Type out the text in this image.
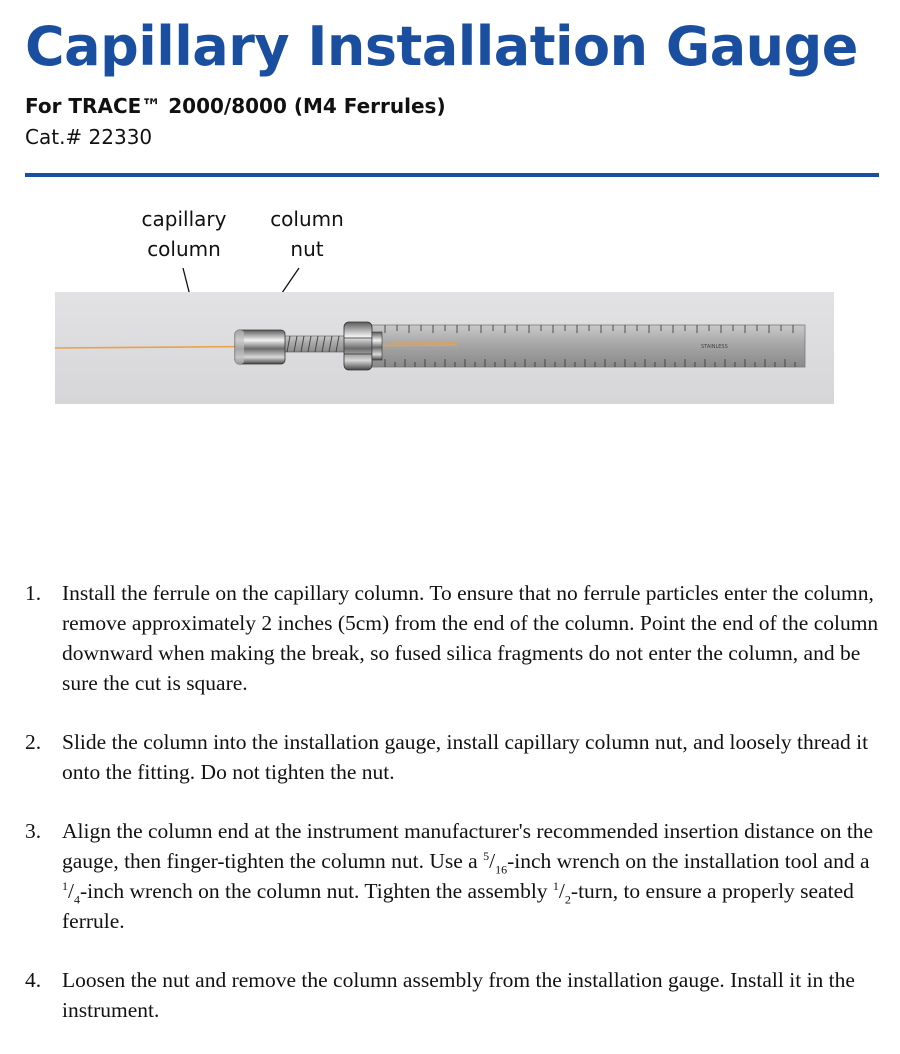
Capillary Installation Gauge
For TRACE™ 2000/8000 (M4 Ferrules)
Cat.# 22330
capillary
column
column
nut
STAINLESS
1. Install the ferrule on the capillary column. To ensure that no ferrule particles enter the column, remove approximately 2 inches (5cm) from the end of the column. Point the end of the column downward when making the break, so fused silica fragments do not enter the column, and be sure the cut is square.
2. Slide the column into the installation gauge, install capillary column nut, and loosely thread it onto the fitting. Do not tighten the nut.
3. Align the column end at the instrument manufacturer's recommended insertion distance on the gauge, then finger-tighten the column nut. Use a $^5/_{16}$-inch wrench on the installation tool and a $^1/_4$-inch wrench on the column nut. Tighten the assembly $^1/_2$-turn, to ensure a properly seated ferrule.
4. Loosen the nut and remove the column assembly from the installation gauge. Install it in the instrument.
